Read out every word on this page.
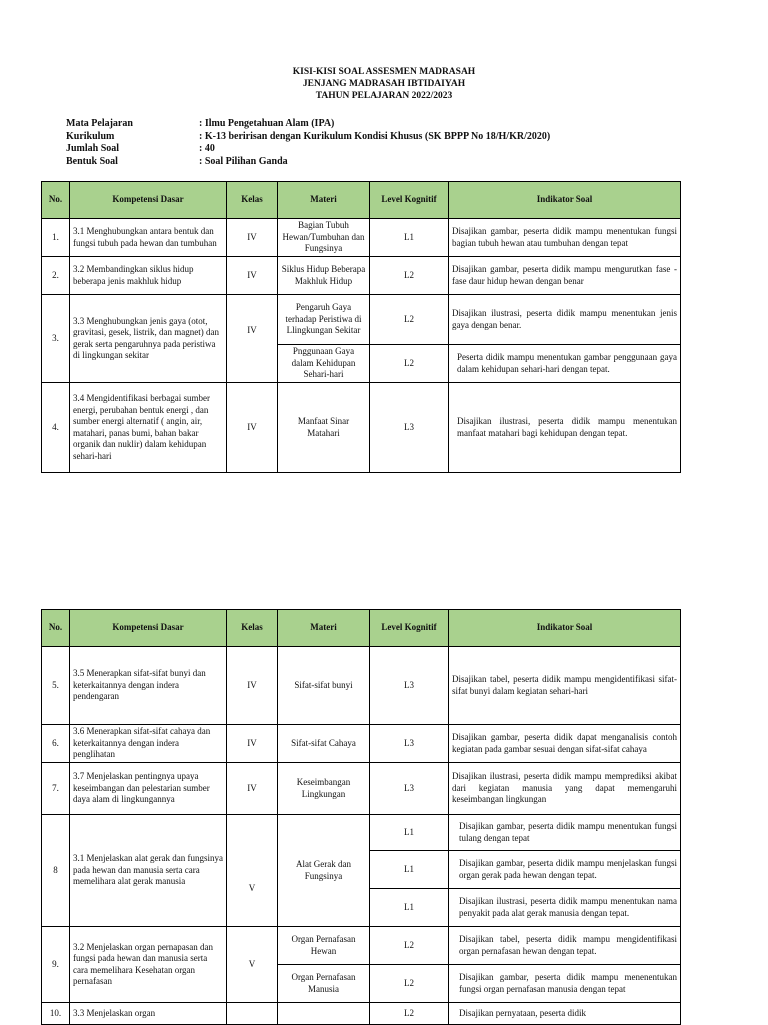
KISI-KISI SOAL ASSESMEN MADRASAH
JENJANG MADRASAH IBTIDAIYAH
TAHUN PELAJARAN 2022/2023
Mata Pelajaran	: Ilmu Pengetahuan Alam (IPA)
Kurikulum	: K-13 beririsan dengan Kurikulum Kondisi Khusus (SK BPPP No 18/H/KR/2020)
Jumlah Soal	: 40
Bentuk Soal	: Soal Pilihan Ganda
No.	Kompetensi Dasar	Kelas	Materi	Level Kognitif	Indikator Soal
1.	3.1 Menghubungkan antara bentuk dan fungsi tubuh pada hewan dan tumbuhan	IV	Bagian Tubuh Hewan/Tumbuhan dan Fungsinya	L1	Disajikan gambar, peserta didik mampu menentukan fungsi bagian tubuh hewan atau tumbuhan dengan tepat
2.	3.2 Membandingkan siklus hidup beberapa jenis makhluk hidup	IV	Siklus Hidup Beberapa Makhluk Hidup	L2	Disajikan gambar, peserta didik mampu mengurutkan fase - fase daur hidup hewan dengan benar
3.	3.3 Menghubungkan jenis gaya (otot, gravitasi, gesek, listrik, dan magnet) dan gerak serta pengaruhnya pada peristiwa di lingkungan sekitar	IV	Pengaruh Gaya terhadap Peristiwa di Llingkungan Sekitar	L2	Disajikan ilustrasi, peserta didik mampu menentukan jenis gaya dengan benar.
			Pnggunaan Gaya dalam Kehidupan Sehari-hari	L2	Peserta didik mampu menentukan gambar penggunaan gaya dalam kehidupan sehari-hari dengan tepat.
4.	3.4 Mengidentifikasi berbagai sumber energi, perubahan bentuk energi , dan sumber energi alternatif ( angin, air, matahari, panas bumi, bahan bakar organik dan nuklir) dalam kehidupan sehari-hari	IV	Manfaat Sinar Matahari	L3	Disajikan ilustrasi, peserta didik mampu menentukan manfaat matahari bagi kehidupan dengan tepat.
No.	Kompetensi Dasar	Kelas	Materi	Level Kognitif	Indikator Soal
5.	3.5 Menerapkan sifat-sifat bunyi dan keterkaitannya dengan indera pendengaran	IV	Sifat-sifat bunyi	L3	Disajikan tabel, peserta didik mampu mengidentifikasi sifat-sifat bunyi dalam kegiatan sehari-hari
6.	3.6 Menerapkan sifat-sifat cahaya dan keterkaitannya dengan indera penglihatan	IV	Sifat-sifat Cahaya	L3	Disajikan gambar, peserta didik dapat menganalisis contoh kegiatan pada gambar sesuai dengan sifat-sifat cahaya
7.	3.7 Menjelaskan pentingnya upaya keseimbangan dan pelestarian sumber daya alam di lingkungannya	IV	Keseimbangan Lingkungan	L3	Disajikan ilustrasi, peserta didik mampu memprediksi akibat dari kegiatan manusia yang dapat memengaruhi keseimbangan lingkungan
8	3.1 Menjelaskan alat gerak dan fungsinya pada hewan dan manusia serta cara memelihara alat gerak manusia	V	Alat Gerak dan Fungsinya	L1	Disajikan gambar, peserta didik mampu menentukan fungsi tulang dengan tepat
				L1	Disajikan gambar, peserta didik mampu menjelaskan fungsi organ gerak pada hewan dengan tepat.
				L1	Disajikan ilustrasi, peserta didik mampu menentukan nama penyakit pada alat gerak manusia dengan tepat.
9.	3.2 Menjelaskan organ pernapasan dan fungsi pada hewan dan manusia serta cara memelihara Kesehatan organ pernafasan	V	Organ Pernafasan Hewan	L2	Disajikan tabel, peserta didik mampu mengidentifikasi organ pernafasan hewan dengan tepat.
			Organ Pernafasan Manusia	L2	Disajikan gambar, peserta didik mampu menenentukan fungsi organ pernafasan manusia dengan tepat
10.	3.3 Menjelaskan organ			L2	Disajikan pernyataan, peserta didik
